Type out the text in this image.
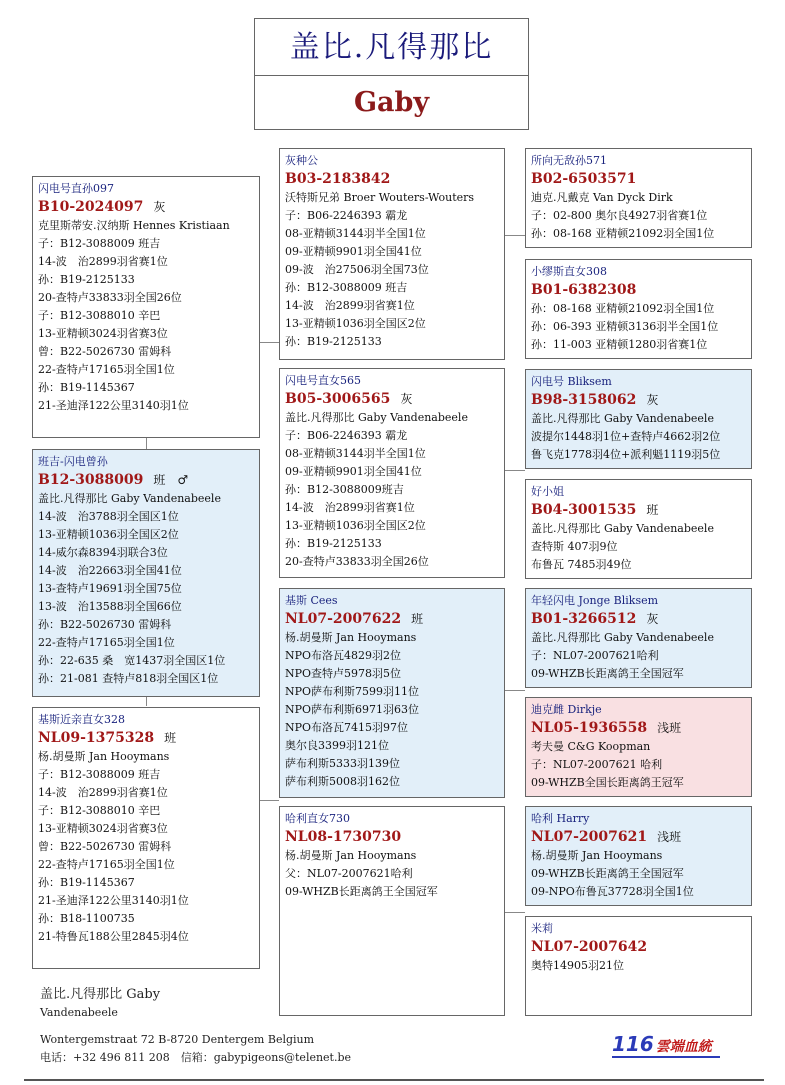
盖比.凡得那比
Gaby
闪电号直孙097
B10-2024097 灰
克里斯蒂安.汉纳斯 Hennes Kristiaan
子：B12-3088009 班吉
14-波　治2899羽省赛1位
孙：B19-2125133
20-查特卢33833羽全国26位
子：B12-3088010 辛巴
13-亚精顿3024羽省赛3位
曾：B22-5026730 雷姆科
22-查特卢17165羽全国1位
孙：B19-1145367
21-圣迪泽122公里3140羽1位
班吉-闪电曾孙
B12-3088009 班　♂
盖比.凡得那比 Gaby Vandenabeele
14-波　治3788羽全国区1位
13-亚精顿1036羽全国区2位
14-威尔森8394羽联合3位
14-波　治22663羽全国41位
13-查特卢19691羽全国75位
13-波　治13588羽全国66位
孙：B22-5026730 雷姆科
22-查特卢17165羽全国1位
孙：22-635 桑　宽1437羽全国区1位
孙：21-081 查特卢818羽全国区1位
基斯近亲直女328
NL09-1375328 班
杨.胡曼斯 Jan Hooymans
子：B12-3088009 班吉
14-波　治2899羽省赛1位
子：B12-3088010 辛巴
13-亚精顿3024羽省赛3位
曾：B22-5026730 雷姆科
22-查特卢17165羽全国1位
孙：B19-1145367
21-圣迪泽122公里3140羽1位
孙：B18-1100735
21-特鲁瓦188公里2845羽4位
灰种公
B03-2183842
沃特斯兄弟 Broer Wouters-Wouters
子：B06-2246393 霸龙
08-亚精顿3144羽半全国1位
09-亚精顿9901羽全国41位
09-波　治27506羽全国73位
孙：B12-3088009 班吉
14-波　治2899羽省赛1位
13-亚精顿1036羽全国区2位
孙：B19-2125133
闪电号直女565
B05-3006565 灰
盖比.凡得那比 Gaby Vandenabeele
子：B06-2246393 霸龙
08-亚精顿3144羽半全国1位
09-亚精顿9901羽全国41位
孙：B12-3088009班吉
14-波　治2899羽省赛1位
13-亚精顿1036羽全国区2位
孙：B19-2125133
20-查特卢33833羽全国26位
基斯 Cees
NL07-2007622 班
杨.胡曼斯 Jan Hooymans
NPO布洛瓦4829羽2位
NPO查特卢5978羽5位
NPO萨布利斯7599羽11位
NPO萨布利斯6971羽63位
NPO布洛瓦7415羽97位
奥尔良3399羽121位
萨布利斯5333羽139位
萨布利斯5008羽162位
哈利直女730
NL08-1730730
杨.胡曼斯 Jan Hooymans
父：NL07-2007621哈利
09-WHZB长距离鸽王全国冠军
所向无敌孙571
B02-6503571
迪克.凡戴克 Van Dyck Dirk
子：02-800 奥尔良4927羽省赛1位
孙：08-168 亚精顿21092羽全国1位
小缪斯直女308
B01-6382308
孙：08-168 亚精顿21092羽全国1位
孙：06-393 亚精顿3136羽半全国1位
孙：11-003 亚精顿1280羽省赛1位
闪电号 Bliksem
B98-3158062 灰
盖比.凡得那比 Gaby Vandenabeele
波提尔1448羽1位+查特卢4662羽2位
鲁飞克1778羽4位+派利魁1119羽5位
好小姐
B04-3001535 班
盖比.凡得那比 Gaby Vandenabeele
查特斯 407羽9位
布鲁瓦 7485羽49位
年轻闪电 Jonge Bliksem
B01-3266512 灰
盖比.凡得那比 Gaby Vandenabeele
子：NL07-2007621哈利
09-WHZB长距离鸽王全国冠军
迪克雌 Dirkje
NL05-1936558 浅班
考夫曼 C&G Koopman
子：NL07-2007621 哈利
09-WHZB全国长距离鸽王冠军
哈利 Harry
NL07-2007621 浅班
杨.胡曼斯 Jan Hooymans
09-WHZB长距离鸽王全国冠军
09-NPO布鲁瓦37728羽全国1位
米莉
NL07-2007642
奥特14905羽21位
盖比.凡得那比 Gaby
Vandenabeele
Wontergemstraat 72 B-8720 Dentergem Belgium
电话：+32 496 811 208　信箱：gabypigeons@telenet.be
116 雲端血統
